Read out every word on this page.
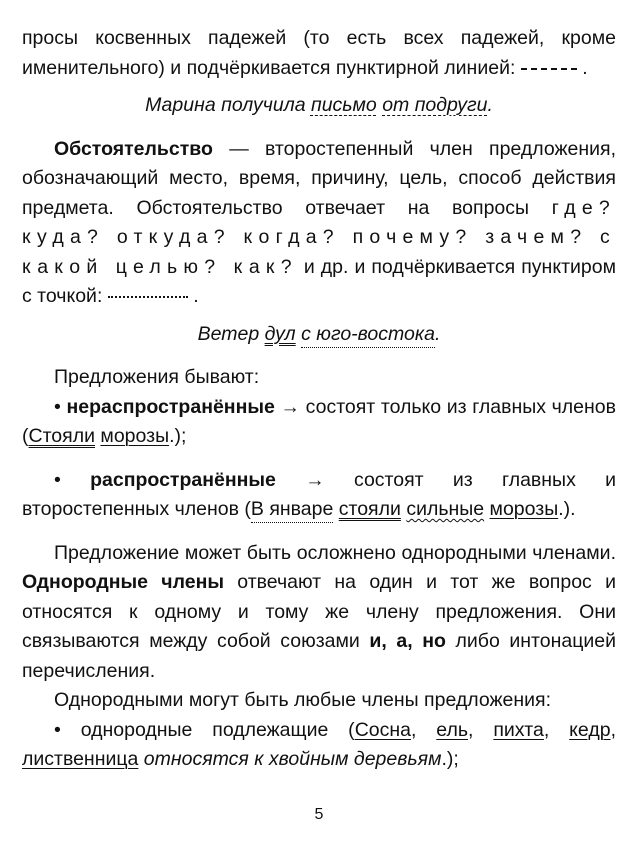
просы косвенных падежей (то есть всех падежей, кроме именительного) и подчёркивается пунктирной линией:	.

Марина получила письмо от подруги.

Обстоятельство — второстепенный член предложения, обозначающий место, время, причину, цель, способ действия предмета. Обстоятельство отвечает на вопросы где? куда? откуда? когда? почему? зачем? с какой целью? как? и др. и подчёркивается пунктиром с точкой:	.

Ветер дул с юго-востока.

Предложения бывают:

• нераспространённые → состоят только из главных членов (Стояли морозы.);

• распространённые → состоят из главных и второстепенных членов (В январе стояли сильные морозы.).

Предложение может быть осложнено однородными членами. Однородные члены отвечают на один и тот же вопрос и относятся к одному и тому же члену предложения. Они связываются между собой союзами и, а, но либо интонацией перечисления.

Однородными могут быть любые члены предложения:

• однородные подлежащие (Сосна, ель, пихта, кедр, лиственница относятся к хвойным деревьям.);

5
